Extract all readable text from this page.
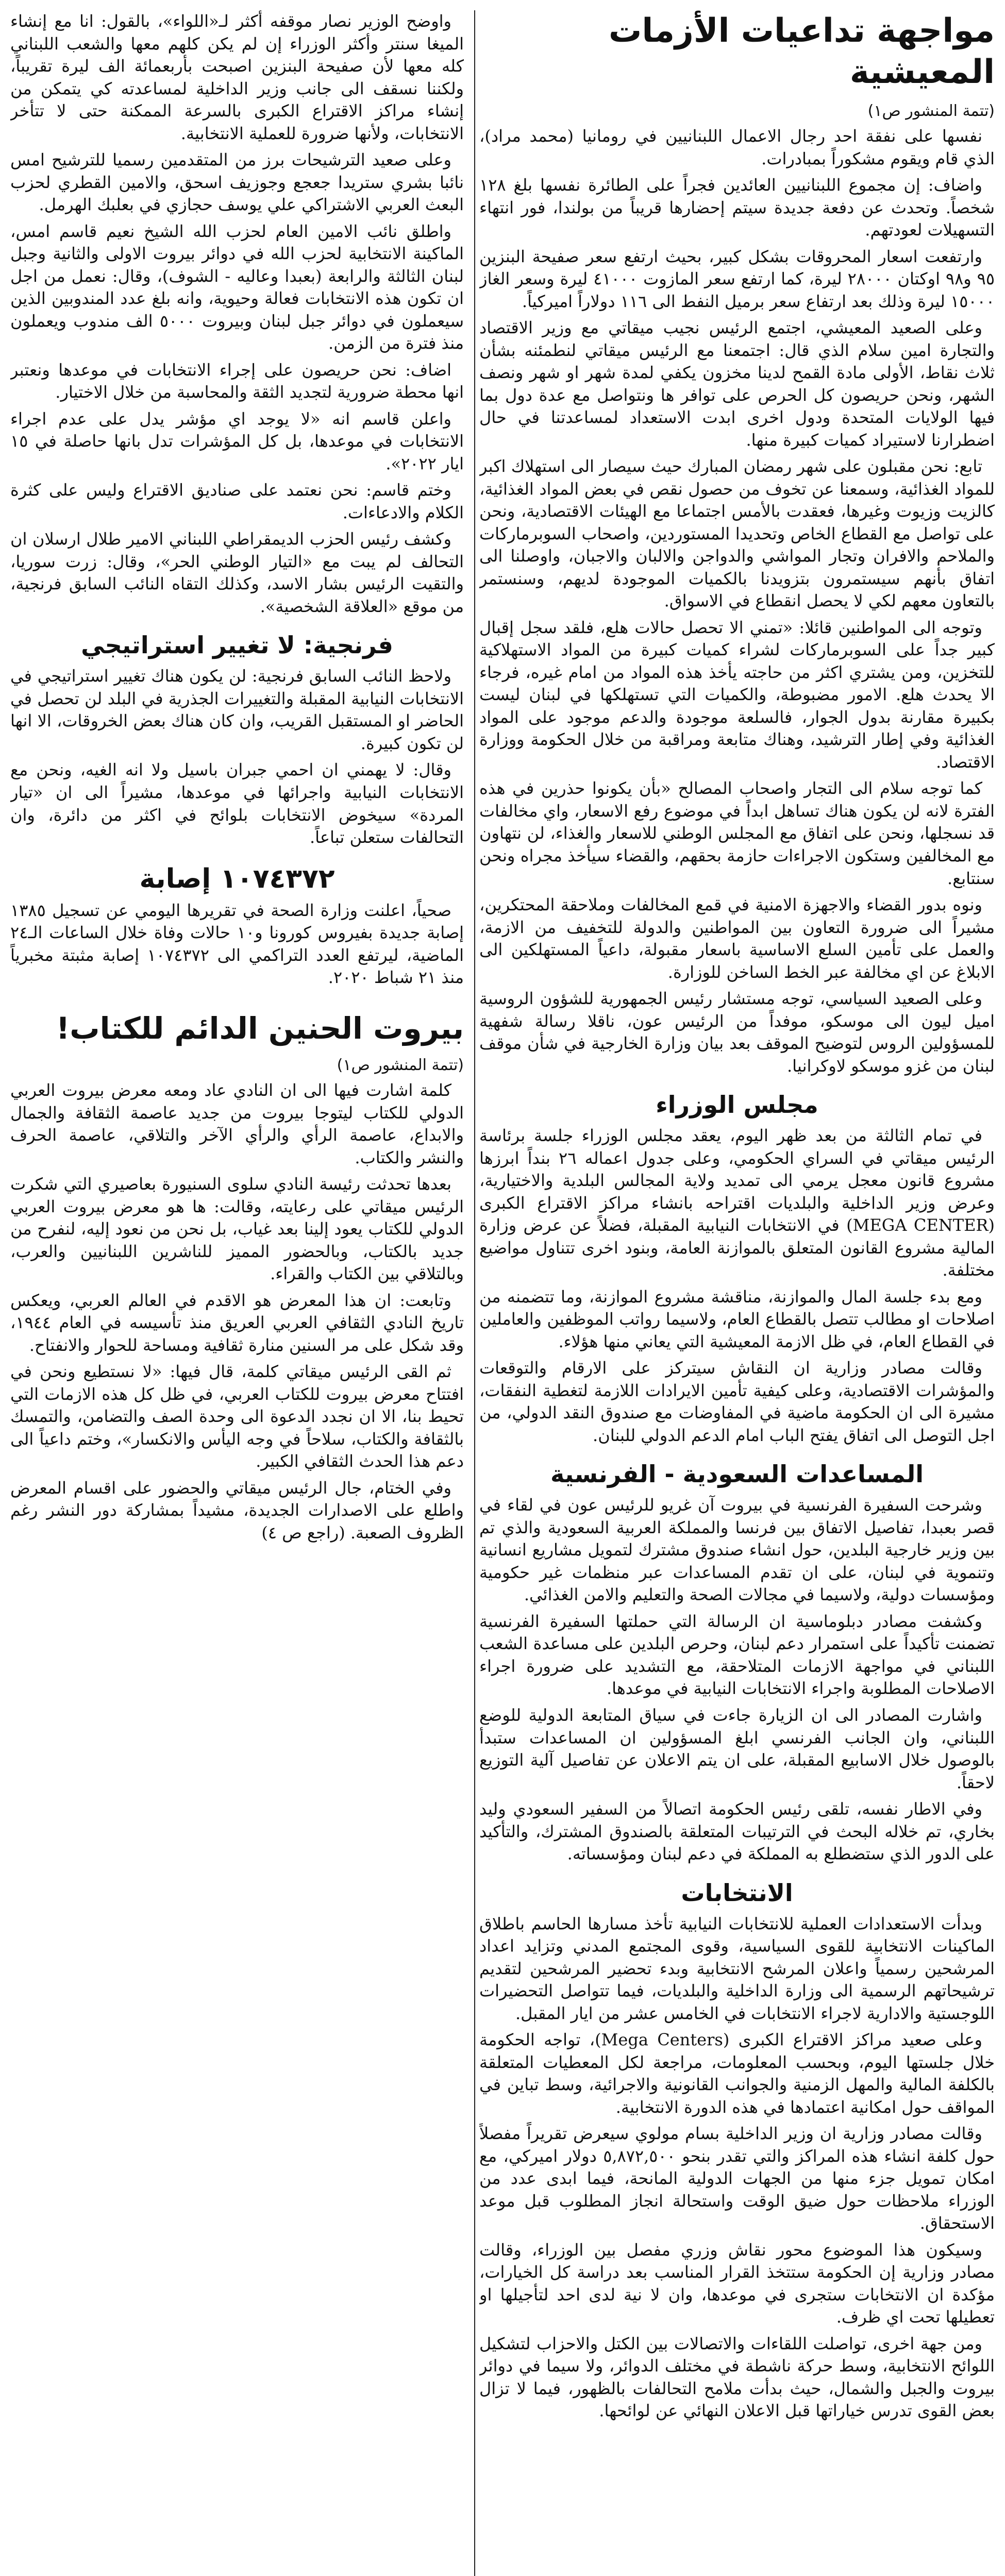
مواجهة تداعيات الأزمات المعيشية
(تتمة المنشور ص١)

نفسها على نفقة احد رجال الاعمال اللبنانيين في رومانيا (محمد مراد)، الذي قام ويقوم مشكوراً بمبادرات.

واضاف: إن مجموع اللبنانيين العائدين فجراً على الطائرة نفسها بلغ ١٢٨ شخصاً. وتحدث عن دفعة جديدة سيتم إحضارها قريباً من بولندا، فور انتهاء التسهيلات لعودتهم.

وارتفعت اسعار المحروقات بشكل كبير، بحيث ارتفع سعر صفيحة البنزين ٩٥ و٩٨ اوكتان ٢٨٠٠٠ ليرة، كما ارتفع سعر المازوت ٤١٠٠٠ ليرة وسعر الغاز ١٥٠٠٠ ليرة وذلك بعد ارتفاع سعر برميل النفط الى ١١٦ دولاراً اميركياً.

وعلى الصعيد المعيشي، اجتمع الرئيس نجيب ميقاتي مع وزير الاقتصاد والتجارة امين سلام الذي قال: اجتمعنا مع الرئيس ميقاتي لنطمئنه بشأن ثلاث نقاط، الأولى مادة القمح لدينا مخزون يكفي لمدة شهر او شهر ونصف الشهر، ونحن حريصون كل الحرص على توافر ها ونتواصل مع عدة دول بما فيها الولايات المتحدة ودول اخرى ابدت الاستعداد لمساعدتنا في حال اضطرارنا لاستيراد كميات كبيرة منها.

تابع: نحن مقبلون على شهر رمضان المبارك حيث سيصار الى استهلاك اكبر للمواد الغذائية، وسمعنا عن تخوف من حصول نقص في بعض المواد الغذائية، كالزيت وزيوت وغيرها، فعقدت بالأمس اجتماعا مع الهيئات الاقتصادية، ونحن على تواصل مع القطاع الخاص وتحديدا المستوردين، واصحاب السوبرماركات والملاحم والافران وتجار المواشي والدواجن والالبان والاجبان، واوصلنا الى اتفاق بأنهم سيستمرون بتزويدنا بالكميات الموجودة لديهم، وسنستمر بالتعاون معهم لكي لا يحصل انقطاع في الاسواق.

وتوجه الى المواطنين قائلا: «تمني الا تحصل حالات هلع، فلقد سجل إقبال كبير جداً على السوبرماركات لشراء كميات كبيرة من المواد الاستهلاكية للتخزين، ومن يشتري اكثر من حاجته يأخذ هذه المواد من امام غيره، فرجاء الا يحدث هلع. الامور مضبوطة، والكميات التي تستهلكها في لبنان ليست بكبيرة مقارنة بدول الجوار، فالسلعة موجودة والدعم موجود على المواد الغذائية وفي إطار الترشيد، وهناك متابعة ومراقبة من خلال الحكومة ووزارة الاقتصاد.

كما توجه سلام الى التجار واصحاب المصالح «بأن يكونوا حذرين في هذه الفترة لانه لن يكون هناك تساهل ابداً في موضوع رفع الاسعار، واي مخالفات قد نسجلها، ونحن على اتفاق مع المجلس الوطني للاسعار والغذاء، لن نتهاون مع المخالفين وستكون الاجراءات حازمة بحقهم، والقضاء سيأخذ مجراه ونحن سنتابع.

ونوه بدور القضاء والاجهزة الامنية في قمع المخالفات وملاحقة المحتكرين، مشيراً الى ضرورة التعاون بين المواطنين والدولة للتخفيف من الازمة، والعمل على تأمين السلع الاساسية باسعار مقبولة، داعياً المستهلكين الى الابلاغ عن اي مخالفة عبر الخط الساخن للوزارة.

وعلى الصعيد السياسي، توجه مستشار رئيس الجمهورية للشؤون الروسية اميل ليون الى موسكو، موفداً من الرئيس عون، ناقلا رسالة شفهية للمسؤولين الروس لتوضيح الموقف بعد بيان وزارة الخارجية في شأن موقف لبنان من غزو موسكو لاوكرانيا.

مجلس الوزراء

في تمام الثالثة من بعد ظهر اليوم، يعقد مجلس الوزراء جلسة برئاسة الرئيس ميقاتي في السراي الحكومي، وعلى جدول اعماله ٢٦ بنداً ابرزها مشروع قانون معجل يرمي الى تمديد ولاية المجالس البلدية والاختيارية، وعرض وزير الداخلية والبلديات اقتراحه بانشاء مراكز الاقتراع الكبرى (MEGA CENTER) في الانتخابات النيابية المقبلة، فضلاً عن عرض وزارة المالية مشروع القانون المتعلق بالموازنة العامة، وبنود اخرى تتناول مواضيع مختلفة.

ومع بدء جلسة المال والموازنة، مناقشة مشروع الموازنة، وما تتضمنه من اصلاحات او مطالب تتصل بالقطاع العام، ولاسيما رواتب الموظفين والعاملين في القطاع العام، في ظل الازمة المعيشية التي يعاني منها هؤلاء.

وقالت مصادر وزارية ان النقاش سيتركز على الارقام والتوقعات والمؤشرات الاقتصادية، وعلى كيفية تأمين الايرادات اللازمة لتغطية النفقات، مشيرة الى ان الحكومة ماضية في المفاوضات مع صندوق النقد الدولي، من اجل التوصل الى اتفاق يفتح الباب امام الدعم الدولي للبنان.

المساعدات السعودية - الفرنسية

وشرحت السفيرة الفرنسية في بيروت آن غريو للرئيس عون في لقاء في قصر بعبدا، تفاصيل الاتفاق بين فرنسا والمملكة العربية السعودية والذي تم بين وزير خارجية البلدين، حول انشاء صندوق مشترك لتمويل مشاريع انسانية وتنموية في لبنان، على ان تقدم المساعدات عبر منظمات غير حكومية ومؤسسات دولية، ولاسيما في مجالات الصحة والتعليم والامن الغذائي.

وكشفت مصادر دبلوماسية ان الرسالة التي حملتها السفيرة الفرنسية تضمنت تأكيداً على استمرار دعم لبنان، وحرص البلدين على مساعدة الشعب اللبناني في مواجهة الازمات المتلاحقة، مع التشديد على ضرورة اجراء الاصلاحات المطلوبة واجراء الانتخابات النيابية في موعدها.

واشارت المصادر الى ان الزيارة جاءت في سياق المتابعة الدولية للوضع اللبناني، وان الجانب الفرنسي ابلغ المسؤولين ان المساعدات ستبدأ بالوصول خلال الاسابيع المقبلة، على ان يتم الاعلان عن تفاصيل آلية التوزيع لاحقاً.

وفي الاطار نفسه، تلقى رئيس الحكومة اتصالاً من السفير السعودي وليد بخاري، تم خلاله البحث في الترتيبات المتعلقة بالصندوق المشترك، والتأكيد على الدور الذي ستضطلع به المملكة في دعم لبنان ومؤسساته.

الانتخابات

وبدأت الاستعدادات العملية للانتخابات النيابية تأخذ مسارها الحاسم باطلاق الماكينات الانتخابية للقوى السياسية، وقوى المجتمع المدني وتزايد اعداد المرشحين رسمياً واعلان المرشح الانتخابية وبدء تحضير المرشحين لتقديم ترشيحاتهم الرسمية الى وزارة الداخلية والبلديات، فيما تتواصل التحضيرات اللوجستية والادارية لاجراء الانتخابات في الخامس عشر من ايار المقبل.

وعلى صعيد مراكز الاقتراع الكبرى (Mega Centers)، تواجه الحكومة خلال جلستها اليوم، وبحسب المعلومات، مراجعة لكل المعطيات المتعلقة بالكلفة المالية والمهل الزمنية والجوانب القانونية والاجرائية، وسط تباين في المواقف حول امكانية اعتمادها في هذه الدورة الانتخابية.

وقالت مصادر وزارية ان وزير الداخلية بسام مولوي سيعرض تقريراً مفصلاً حول كلفة انشاء هذه المراكز والتي تقدر بنحو ٥,٨٧٢,٥٠٠ دولار اميركي، مع امكان تمويل جزء منها من الجهات الدولية المانحة، فيما ابدى عدد من الوزراء ملاحظات حول ضيق الوقت واستحالة انجاز المطلوب قبل موعد الاستحقاق.

وسيكون هذا الموضوع محور نقاش وزري مفصل بين الوزراء، وقالت مصادر وزارية إن الحكومة ستتخذ القرار المناسب بعد دراسة كل الخيارات، مؤكدة ان الانتخابات ستجرى في موعدها، وان لا نية لدى احد لتأجيلها او تعطيلها تحت اي ظرف.

ومن جهة اخرى، تواصلت اللقاءات والاتصالات بين الكتل والاحزاب لتشكيل اللوائح الانتخابية، وسط حركة ناشطة في مختلف الدوائر، ولا سيما في دوائر بيروت والجبل والشمال، حيث بدأت ملامح التحالفات بالظهور، فيما لا تزال بعض القوى تدرس خياراتها قبل الاعلان النهائي عن لوائحها.

واوضح الوزير نصار موقفه أكثر لـ«اللواء»، بالقول: انا مع إنشاء الميغا سنتر وأكثر الوزراء إن لم يكن كلهم معها والشعب اللبناني كله معها لأن صفيحة البنزين اصبحت بأربعمائة الف ليرة تقريباً، ولكننا نسقف الى جانب وزير الداخلية لمساعدته كي يتمكن من إنشاء مراكز الاقتراع الكبرى بالسرعة الممكنة حتى لا تتأخر الانتخابات، ولأنها ضرورة للعملية الانتخابية.

وعلى صعيد الترشيحات برز من المتقدمين رسميا للترشيح امس نائبا بشري ستريدا جعجع وجوزيف اسحق، والامين القطري لحزب البعث العربي الاشتراكي علي يوسف حجازي في بعلبك الهرمل.

واطلق نائب الامين العام لحزب الله الشيخ نعيم قاسم امس، الماكينة الانتخابية لحزب الله في دوائر بيروت الاولى والثانية وجبل لبنان الثالثة والرابعة (بعبدا وعاليه - الشوف)، وقال: نعمل من اجل ان تكون هذه الانتخابات فعالة وحيوية، وانه بلغ عدد المندوبين الذين سيعملون في دوائر جبل لبنان وبيروت ٥٠٠٠ الف مندوب ويعملون منذ فترة من الزمن.

اضاف: نحن حريصون على إجراء الانتخابات في موعدها ونعتبر انها محطة ضرورية لتجديد الثقة والمحاسبة من خلال الاختيار.

واعلن قاسم انه «لا يوجد اي مؤشر يدل على عدم اجراء الانتخابات في موعدها، بل كل المؤشرات تدل بانها حاصلة في ١٥ ايار ٢٠٢٢».

وختم قاسم: نحن نعتمد على صناديق الاقتراع وليس على كثرة الكلام والادعاءات.

وكشف رئيس الحزب الديمقراطي اللبناني الامير طلال ارسلان ان التحالف لم يبت مع «التيار الوطني الحر»، وقال: زرت سوريا، والتقيت الرئيس بشار الاسد، وكذلك التقاه النائب السابق فرنجية، من موقع «العلاقة الشخصية».

فرنجية: لا تغيير استراتيجي

ولاحظ النائب السابق فرنجية: لن يكون هناك تغيير استراتيجي في الانتخابات النيابية المقبلة والتغييرات الجذرية في البلد لن تحصل في الحاضر او المستقبل القريب، وان كان هناك بعض الخروقات، الا انها لن تكون كبيرة.

وقال: لا يهمني ان احمي جبران باسيل ولا انه الغيه، ونحن مع الانتخابات النيابية واجرائها في موعدها، مشيراً الى ان «تيار المردة» سيخوض الانتخابات بلوائح في اكثر من دائرة، وان التحالفات ستعلن تباعاً.

١٠٧٤٣٧٢ إصابة

صحياً، اعلنت وزارة الصحة في تقريرها اليومي عن تسجيل ١٣٨٥ إصابة جديدة بفيروس كورونا و١٠ حالات وفاة خلال الساعات الـ٢٤ الماضية، ليرتفع العدد التراكمي الى ١٠٧٤٣٧٢ إصابة مثبتة مخبرياً منذ ٢١ شباط ٢٠٢٠.

بيروت الحنين الدائم للكتاب!
(تتمة المنشور ص١)

كلمة اشارت فيها الى ان النادي عاد ومعه معرض بيروت العربي الدولي للكتاب ليتوجا بيروت من جديد عاصمة الثقافة والجمال والابداع، عاصمة الرأي والرأي الآخر والتلاقي، عاصمة الحرف والنشر والكتاب.

بعدها تحدثت رئيسة النادي سلوى السنيورة بعاصيري التي شكرت الرئيس ميقاتي على رعايته، وقالت: ها هو معرض بيروت العربي الدولي للكتاب يعود إلينا بعد غياب، بل نحن من نعود إليه، لنفرح من جديد بالكتاب، وبالحضور المميز للناشرين اللبنانيين والعرب، وبالتلاقي بين الكتاب والقراء.

وتابعت: ان هذا المعرض هو الاقدم في العالم العربي، ويعكس تاريخ النادي الثقافي العربي العريق منذ تأسيسه في العام ١٩٤٤، وقد شكل على مر السنين منارة ثقافية ومساحة للحوار والانفتاح.

ثم القى الرئيس ميقاتي كلمة، قال فيها: «لا نستطيع ونحن في افتتاح معرض بيروت للكتاب العربي، في ظل كل هذه الازمات التي تحيط بنا، الا ان نجدد الدعوة الى وحدة الصف والتضامن، والتمسك بالثقافة والكتاب، سلاحاً في وجه اليأس والانكسار»، وختم داعياً الى دعم هذا الحدث الثقافي الكبير.

وفي الختام، جال الرئيس ميقاتي والحضور على اقسام المعرض واطلع على الاصدارات الجديدة، مشيداً بمشاركة دور النشر رغم الظروف الصعبة. (راجع ص ٤)
